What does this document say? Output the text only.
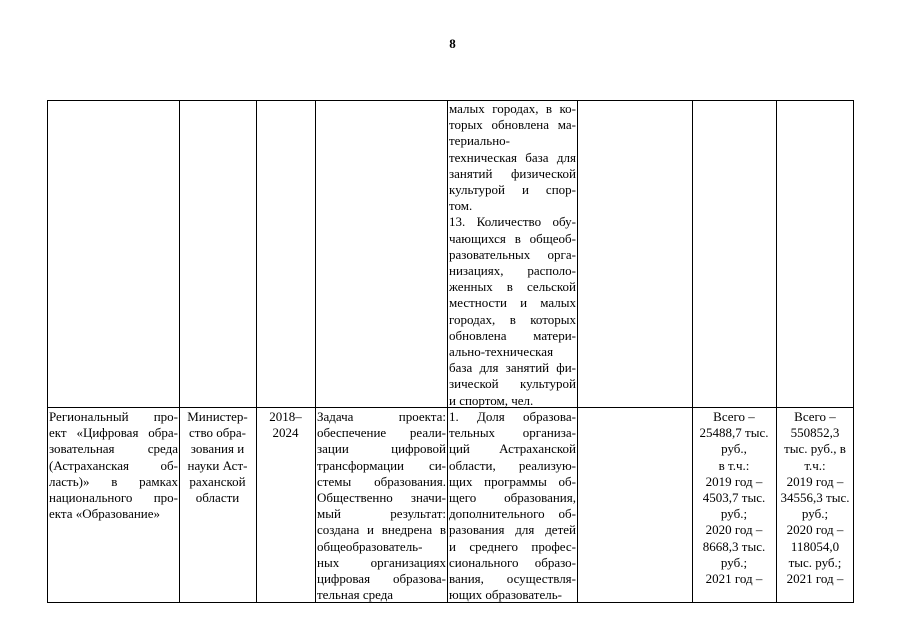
8
малых городах, в ко-
торых обновлена ма-
териально-
техническая база для
занятий физической
культурой и спор-
том.
13. Количество обу-
чающихся в общеоб-
разовательных орга-
низациях, располо-
женных в сельской
местности и малых
городах, в которых
обновлена матери-
ально-техническая
база для занятий фи-
зической культурой
и спортом, чел.
Региональный про-
ект «Цифровая обра-
зовательная среда
(Астраханская об-
ласть)» в рамках
национального про-
екта «Образование»
Министер-
ство обра-
зования и
науки Аст-
раханской
области
2018–
2024
Задача проекта:
обеспечение реали-
зации цифровой
трансформации си-
стемы образования.
Общественно значи-
мый результат:
создана и внедрена в
общеобразователь-
ных организациях
цифровая образова-
тельная среда
1. Доля образова-
тельных организа-
ций Астраханской
области, реализую-
щих программы об-
щего образования,
дополнительного об-
разования для детей
и среднего профес-
сионального образо-
вания, осуществля-
ющих образователь-
Всего –
25488,7 тыс.
руб.,
в т.ч.:
2019 год –
4503,7 тыс.
руб.;
2020 год –
8668,3 тыс.
руб.;
2021 год –
Всего –
550852,3
тыс. руб., в
т.ч.:
2019 год –
34556,3 тыс.
руб.;
2020 год –
118054,0
тыс. руб.;
2021 год –
